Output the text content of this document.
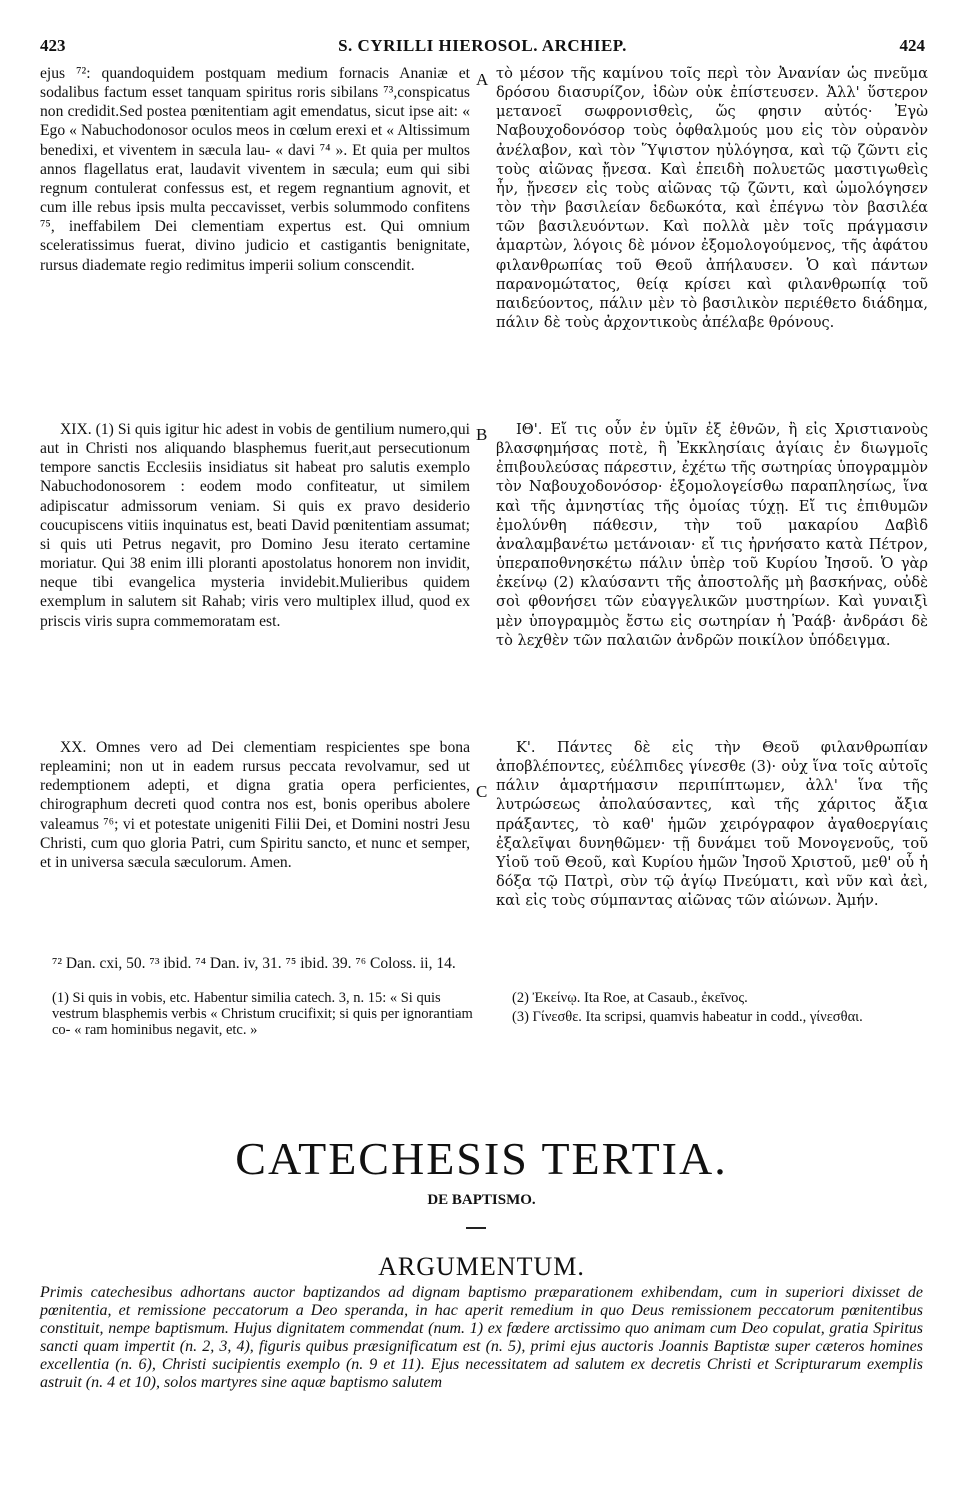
423	S. CYRILLI HIEROSOL. ARCHIEP.	424

ejus ⁷²: quandoquidem postquam medium fornacis Ananiæ et sodalibus factum esset tanquam spiritus roris sibilans ⁷³,conspicatus non credidit.Sed postea pœnitentiam agit emendatus, sicut ipse ait: « Ego « Nabuchodonosor oculos meos in cœlum erexi et « Altissimum benedixi, et viventem in sæcula lau- « davi ⁷⁴ ». Et quia per multos annos flagellatus erat, laudavit viventem in sæcula; eum qui sibi regnum contulerat confessus est, et regem regnantium agnovit, et cum ille rebus ipsis multa peccavisset, verbis solummodo confitens ⁷⁵, ineffabilem Dei clementiam expertus est. Qui omnium sceleratissimus fuerat, divino judicio et castigantis benignitate, rursus diademate regio redimitus imperii solium conscendit.

XIX. (1) Si quis igitur hic adest in vobis de gentilium numero,qui aut in Christi nos aliquando blasphemus fuerit,aut persecutionum tempore sanctis Ecclesiis insidiatus sit habeat pro salutis exemplo Nabuchodonosorem : eodem modo confiteatur, ut similem adipiscatur admissorum veniam. Si quis ex pravo desiderio coucupiscens vitiis inquinatus est, beati David pœnitentiam assumat; si quis uti Petrus negavit, pro Domino Jesu iterato certamine moriatur. Qui 38 enim illi ploranti apostolatus honorem non invidit, neque tibi evangelica mysteria invidebit.Mulieribus quidem exemplum in salutem sit Rahab; viris vero multiplex illud, quod ex priscis viris supra commemoratam est.

XX. Omnes vero ad Dei clementiam respicientes spe bona repleamini; non ut in eadem rursus peccata revolvamur, sed ut redemptionem adepti, et digna gratia opera perficientes, chirographum decreti quod contra nos est, bonis operibus abolere valeamus ⁷⁶; vi et potestate unigeniti Filii Dei, et Domini nostri Jesu Christi, cum quo gloria Patri, cum Spiritu sancto, et nunc et semper, et in universa sæcula sæculorum. Amen.

A
B
C

τὸ μέσον τῆς καμίνου τοῖς περὶ τὸν Ἀνανίαν ὡς πνεῦμα δρόσου διασυρίζον, ἰδὼν οὐκ ἐπίστευσεν. Ἀλλ' ὕστερον μετανοεῖ σωφρονισθεὶς, ὥς φησιν αὐτός· Ἐγὼ Ναβουχοδονόσορ τοὺς ὀφθαλμούς μου εἰς τὸν οὐρανὸν ἀνέλαβον, καὶ τὸν Ὕψιστον ηὐλόγησα, καὶ τῷ ζῶντι εἰς τοὺς αἰῶνας ᾔνεσα. Καὶ ἐπειδὴ πολυετῶς μαστιγωθεὶς ἦν, ᾔνεσεν εἰς τοὺς αἰῶνας τῷ ζῶντι, καὶ ὡμολόγησεν τὸν τὴν βασιλείαν δεδωκότα, καὶ ἐπέγνω τὸν βασιλέα τῶν βασιλευόντων. Καὶ πολλὰ μὲν τοῖς πράγμασιν ἁμαρτὼν, λόγοις δὲ μόνον ἐξομολογούμενος, τῆς ἀφάτου φιλανθρωπίας τοῦ Θεοῦ ἀπήλαυσεν. Ὁ καὶ πάντων παρανομώτατος, θείᾳ κρίσει καὶ φιλανθρωπίᾳ τοῦ παιδεύοντος, πάλιν μὲν τὸ βασιλικὸν περιέθετο διάδημα, πάλιν δὲ τοὺς ἀρχοντικοὺς ἀπέλαβε θρόνους.

ΙΘ'. Εἴ τις οὖν ἐν ὑμῖν ἐξ ἐθνῶν, ἢ εἰς Χριστιανοὺς βλασφημήσας ποτὲ, ἢ Ἐκκλησίαις ἁγίαις ἐν διωγμοῖς ἐπιβουλεύσας πάρεστιν, ἐχέτω τῆς σωτηρίας ὑπογραμμὸν τὸν Ναβουχοδονόσορ· ἐξομολογείσθω παραπλησίως, ἵνα καὶ τῆς ἀμνηστίας τῆς ὁμοίας τύχῃ. Εἴ τις ἐπιθυμῶν ἐμολύνθη πάθεσιν, τὴν τοῦ μακαρίου Δαβὶδ ἀναλαμβανέτω μετάνοιαν· εἴ τις ἠρνήσατο κατὰ Πέτρον, ὑπεραποθνησκέτω πάλιν ὑπὲρ τοῦ Κυρίου Ἰησοῦ. Ὁ γὰρ ἐκείνῳ (2) κλαύσαντι τῆς ἀποστολῆς μὴ βασκήνας, οὐδὲ σοὶ φθονήσει τῶν εὐαγγελικῶν μυστηρίων. Καὶ γυναιξὶ μὲν ὑπογραμμὸς ἔστω εἰς σωτηρίαν ἡ Ῥαάβ· ἀνδράσι δὲ τὸ λεχθὲν τῶν παλαιῶν ἀνδρῶν ποικίλον ὑπόδειγμα.

Κ'. Πάντες δὲ εἰς τὴν Θεοῦ φιλανθρωπίαν ἀποβλέποντες, εὐέλπιδες γίνεσθε (3)· οὐχ ἵνα τοῖς αὐτοῖς πάλιν ἁμαρτήμασιν περιπίπτωμεν, ἀλλ' ἵνα τῆς λυτρώσεως ἀπολαύσαντες, καὶ τῆς χάριτος ἄξια πράξαντες, τὸ καθ' ἡμῶν χειρόγραφον ἀγαθοεργίαις ἐξαλεῖψαι δυνηθῶμεν· τῇ δυνάμει τοῦ Μονογενοῦς, τοῦ Υἱοῦ τοῦ Θεοῦ, καὶ Κυρίου ἡμῶν Ἰησοῦ Χριστοῦ, μεθ' οὗ ἡ δόξα τῷ Πατρὶ, σὺν τῷ ἁγίῳ Πνεύματι, καὶ νῦν καὶ ἀεὶ, καὶ εἰς τοὺς σύμπαντας αἰῶνας τῶν αἰώνων. Ἀμήν.

⁷² Dan. cxi, 50. ⁷³ ibid. ⁷⁴ Dan. iv, 31. ⁷⁵ ibid. 39. ⁷⁶ Coloss. ii, 14.
(1) Si quis in vobis, etc. Habentur similia catech. 3, n. 15: « Si quis vestrum blasphemis verbis « Christum crucifixit; si quis per ignorantiam co- « ram hominibus negavit, etc. »
(2) Ἐκείνῳ. Ita Roe, at Casaub., ἐκεῖνος.
(3) Γίνεσθε. Ita scripsi, quamvis habeatur in codd., γίνεσθαι.
CATECHESIS TERTIA.
DE BAPTISMO.
ARGUMENTUM.
Primis catechesibus adhortans auctor baptizandos ad dignam baptismo præparationem exhibendam, cum in superiori dixisset de pœnitentia, et remissione peccatorum a Deo speranda, in hac aperit remedium in quo Deus remissionem peccatorum pœnitentibus constituit, nempe baptismum. Hujus dignitatem commendat (num. 1) ex fœdere arctissimo quo animam cum Deo copulat, gratia Spiritus sancti quam impertit (n. 2, 3, 4), figuris quibus præsignificatum est (n. 5), primi ejus auctoris Joannis Baptistæ super cæteros homines excellentia (n. 6), Christi sucipientis exemplo (n. 9 et 11). Ejus necessitatem ad salutem ex decretis Christi et Scripturarum exemplis astruit (n. 4 et 10), solos martyres sine aquæ baptismo salutem
